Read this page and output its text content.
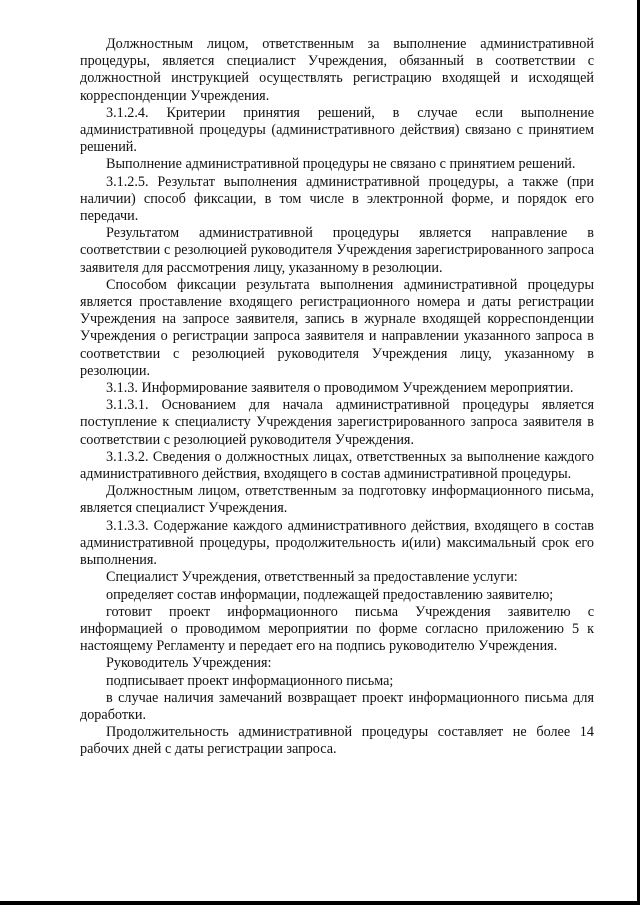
Должностным лицом, ответственным за выполнение административной процедуры, является специалист Учреждения, обязанный в соответствии с должностной инструкцией осуществлять регистрацию входящей и исходящей корреспонденции Учреждения.

3.1.2.4. Критерии принятия решений, в случае если выполнение административной процедуры (административного действия) связано с принятием решений.

Выполнение административной процедуры не связано с принятием решений.

3.1.2.5. Результат выполнения административной процедуры, а также (при наличии) способ фиксации, в том числе в электронной форме, и порядок его передачи.

Результатом административной процедуры является направление в соответствии с резолюцией руководителя Учреждения зарегистрированного запроса заявителя для рассмотрения лицу, указанному в резолюции.

Способом фиксации результата выполнения административной процедуры является проставление входящего регистрационного номера и даты регистрации Учреждения на запросе заявителя, запись в журнале входящей корреспонденции Учреждения о регистрации запроса заявителя и направлении указанного запроса в соответствии с резолюцией руководителя Учреждения лицу, указанному в резолюции.

3.1.3. Информирование заявителя о проводимом Учреждением мероприятии.

3.1.3.1. Основанием для начала административной процедуры является поступление к специалисту Учреждения зарегистрированного запроса заявителя в соответствии с резолюцией руководителя Учреждения.

3.1.3.2. Сведения о должностных лицах, ответственных за выполнение каждого административного действия, входящего в состав административной процедуры.

Должностным лицом, ответственным за подготовку информационного письма, является специалист Учреждения.

3.1.3.3. Содержание каждого административного действия, входящего в состав административной процедуры, продолжительность и(или) максимальный срок его выполнения.

Специалист Учреждения, ответственный за предоставление услуги:

определяет состав информации, подлежащей предоставлению заявителю;

готовит проект информационного письма Учреждения заявителю с информацией о проводимом мероприятии по форме согласно приложению 5 к настоящему Регламенту и передает его на подпись руководителю Учреждения.

Руководитель Учреждения:

подписывает проект информационного письма;

в случае наличия замечаний возвращает проект информационного письма для доработки.

Продолжительность административной процедуры составляет не более 14 рабочих дней с даты регистрации запроса.
